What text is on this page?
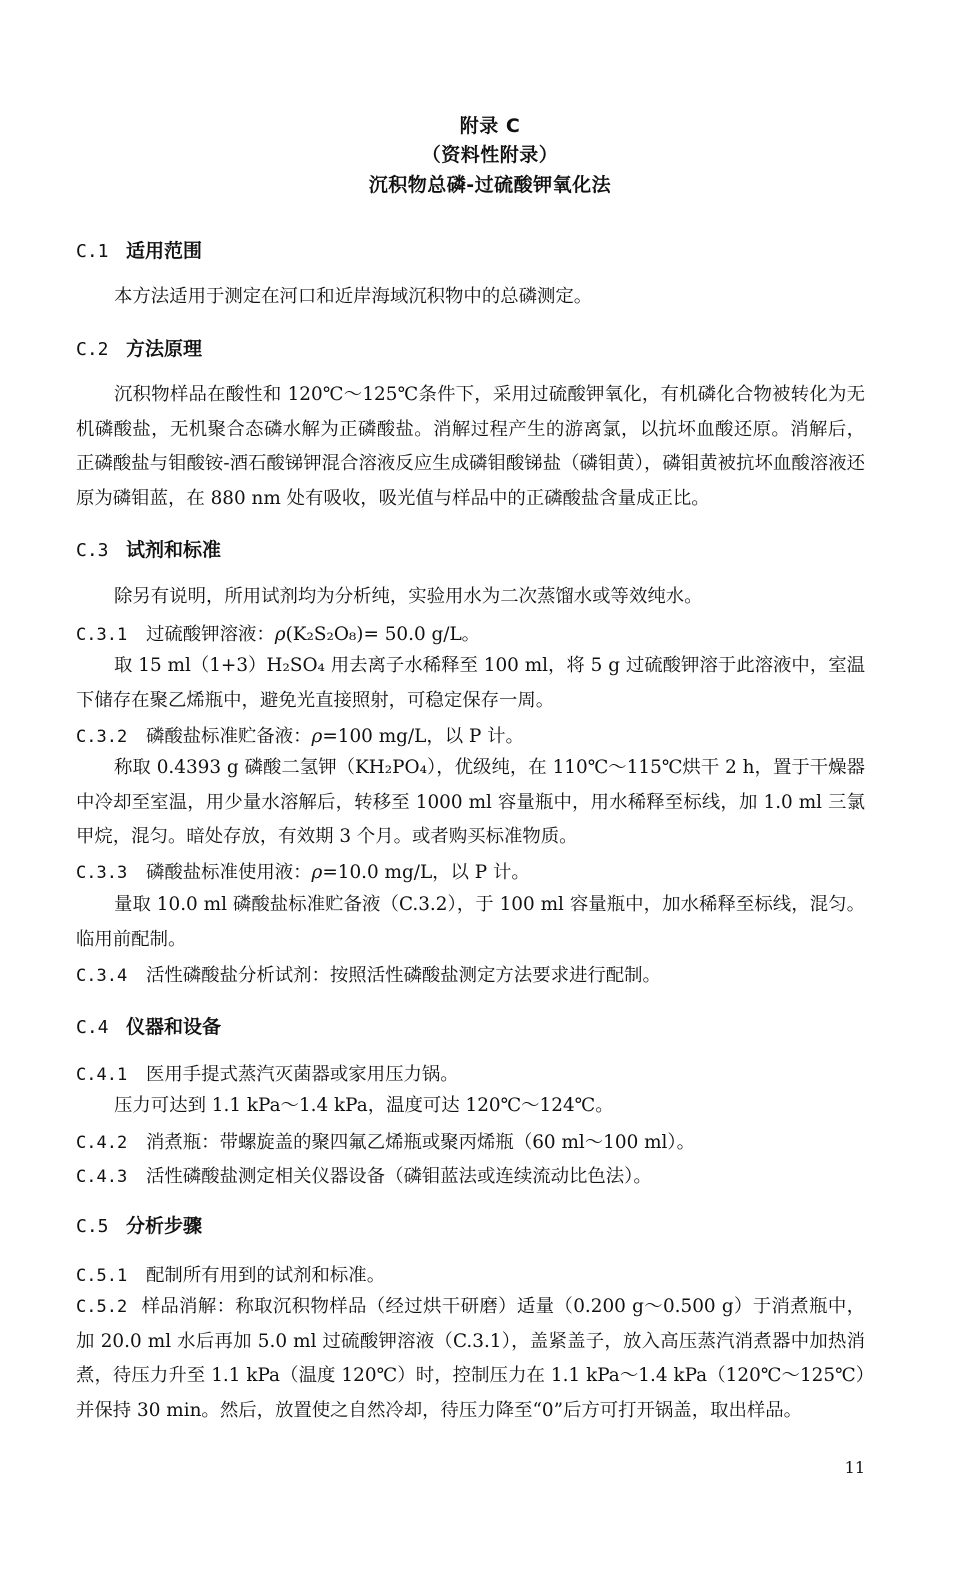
附录 C
（资料性附录）
沉积物总磷-过硫酸钾氧化法
C.1 适用范围
本方法适用于测定在河口和近岸海域沉积物中的总磷测定。
C.2 方法原理
沉积物样品在酸性和 120℃～125℃条件下，采用过硫酸钾氧化，有机磷化合物被转化为无机磷酸盐，无机聚合态磷水解为正磷酸盐。消解过程产生的游离氯，以抗坏血酸还原。消解后，正磷酸盐与钼酸铵-酒石酸锑钾混合溶液反应生成磷钼酸锑盐（磷钼黄），磷钼黄被抗坏血酸溶液还原为磷钼蓝，在 880 nm 处有吸收，吸光值与样品中的正磷酸盐含量成正比。
C.3 试剂和标准
除另有说明，所用试剂均为分析纯，实验用水为二次蒸馏水或等效纯水。
C.3.1 过硫酸钾溶液：ρ(K₂S₂O₈)= 50.0 g/L。
取 15 ml（1+3）H₂SO₄ 用去离子水稀释至 100 ml，将 5 g 过硫酸钾溶于此溶液中，室温下储存在聚乙烯瓶中，避免光直接照射，可稳定保存一周。
C.3.2 磷酸盐标准贮备液：ρ=100 mg/L，以 P 计。
称取 0.4393 g 磷酸二氢钾（KH₂PO₄），优级纯，在 110℃～115℃烘干 2 h，置于干燥器中冷却至室温，用少量水溶解后，转移至 1000 ml 容量瓶中，用水稀释至标线，加 1.0 ml 三氯甲烷，混匀。暗处存放，有效期 3 个月。或者购买标准物质。
C.3.3 磷酸盐标准使用液：ρ=10.0 mg/L，以 P 计。
量取 10.0 ml 磷酸盐标准贮备液（C.3.2），于 100 ml 容量瓶中，加水稀释至标线，混匀。临用前配制。
C.3.4 活性磷酸盐分析试剂：按照活性磷酸盐测定方法要求进行配制。
C.4 仪器和设备
C.4.1 医用手提式蒸汽灭菌器或家用压力锅。
压力可达到 1.1 kPa～1.4 kPa，温度可达 120℃～124℃。
C.4.2 消煮瓶：带螺旋盖的聚四氟乙烯瓶或聚丙烯瓶（60 ml～100 ml）。
C.4.3 活性磷酸盐测定相关仪器设备（磷钼蓝法或连续流动比色法）。
C.5 分析步骤
C.5.1 配制所有用到的试剂和标准。
C.5.2 样品消解：称取沉积物样品（经过烘干研磨）适量（0.200 g～0.500 g）于消煮瓶中，加 20.0 ml 水后再加 5.0 ml 过硫酸钾溶液（C.3.1），盖紧盖子，放入高压蒸汽消煮器中加热消煮，待压力升至 1.1 kPa（温度 120℃）时，控制压力在 1.1 kPa～1.4 kPa（120℃～125℃）并保持 30 min。然后，放置使之自然冷却，待压力降至“0”后方可打开锅盖，取出样品。
11
